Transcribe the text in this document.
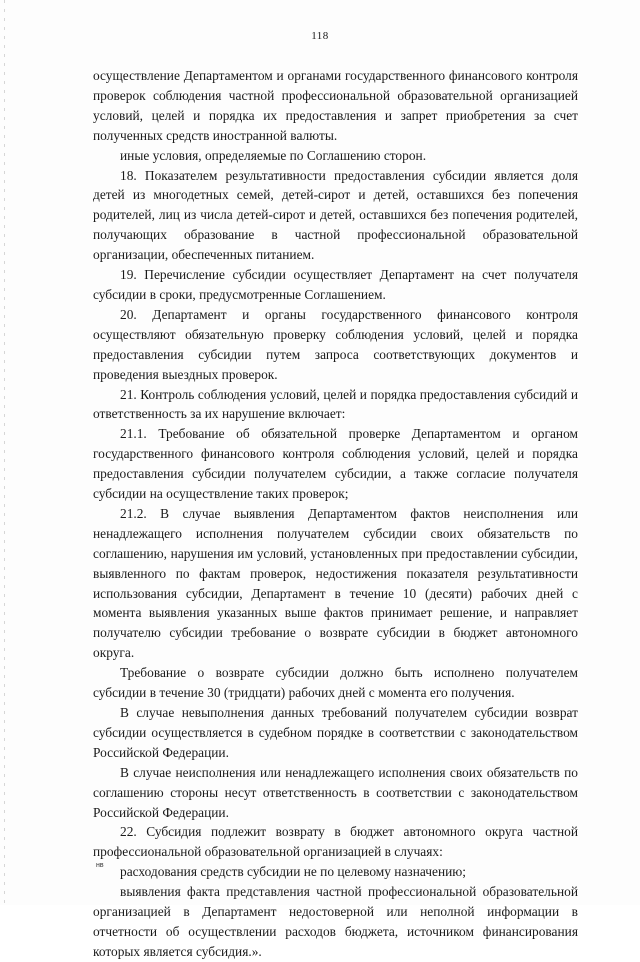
118

осуществление Департаментом и органами государственного финансового контроля проверок соблюдения частной профессиональной образовательной организацией условий, целей и порядка их предоставления и запрет приобретения за счет полученных средств иностранной валюты.

иные условия, определяемые по Соглашению сторон.

18. Показателем результативности предоставления субсидии является доля детей из многодетных семей, детей-сирот и детей, оставшихся без попечения родителей, лиц из числа детей-сирот и детей, оставшихся без попечения родителей, получающих образование в частной профессиональной образовательной организации, обеспеченных питанием.

19. Перечисление субсидии осуществляет Департамент на счет получателя субсидии в сроки, предусмотренные Соглашением.

20. Департамент и органы государственного финансового контроля осуществляют обязательную проверку соблюдения условий, целей и порядка предоставления субсидии путем запроса соответствующих документов и проведения выездных проверок.

21. Контроль соблюдения условий, целей и порядка предоставления субсидий и ответственность за их нарушение включает:

21.1. Требование об обязательной проверке Департаментом и органом государственного финансового контроля соблюдения условий, целей и порядка предоставления субсидии получателем субсидии, а также согласие получателя субсидии на осуществление таких проверок;

21.2. В случае выявления Департаментом фактов неисполнения или ненадлежащего исполнения получателем субсидии своих обязательств по соглашению, нарушения им условий, установленных при предоставлении субсидии, выявленного по фактам проверок, недостижения показателя результативности использования субсидии, Департамент в течение 10 (десяти) рабочих дней с момента выявления указанных выше фактов принимает решение, и направляет получателю субсидии требование о возврате субсидии в бюджет автономного округа.

Требование о возврате субсидии должно быть исполнено получателем субсидии в течение 30 (тридцати) рабочих дней с момента его получения.

В случае невыполнения данных требований получателем субсидии возврат субсидии осуществляется в судебном порядке в соответствии с законодательством Российской Федерации.

В случае неисполнения или ненадлежащего исполнения своих обязательств по соглашению стороны несут ответственность в соответствии с законодательством Российской Федерации.

22. Субсидия подлежит возврату в бюджет автономного округа частной профессиональной образовательной организацией в случаях:

расходования средств субсидии не по целевому назначению;

выявления факта представления частной профессиональной образовательной организацией в Департамент недостоверной или неполной информации в отчетности об осуществлении расходов бюджета, источником финансирования которых является субсидия.».

нв
